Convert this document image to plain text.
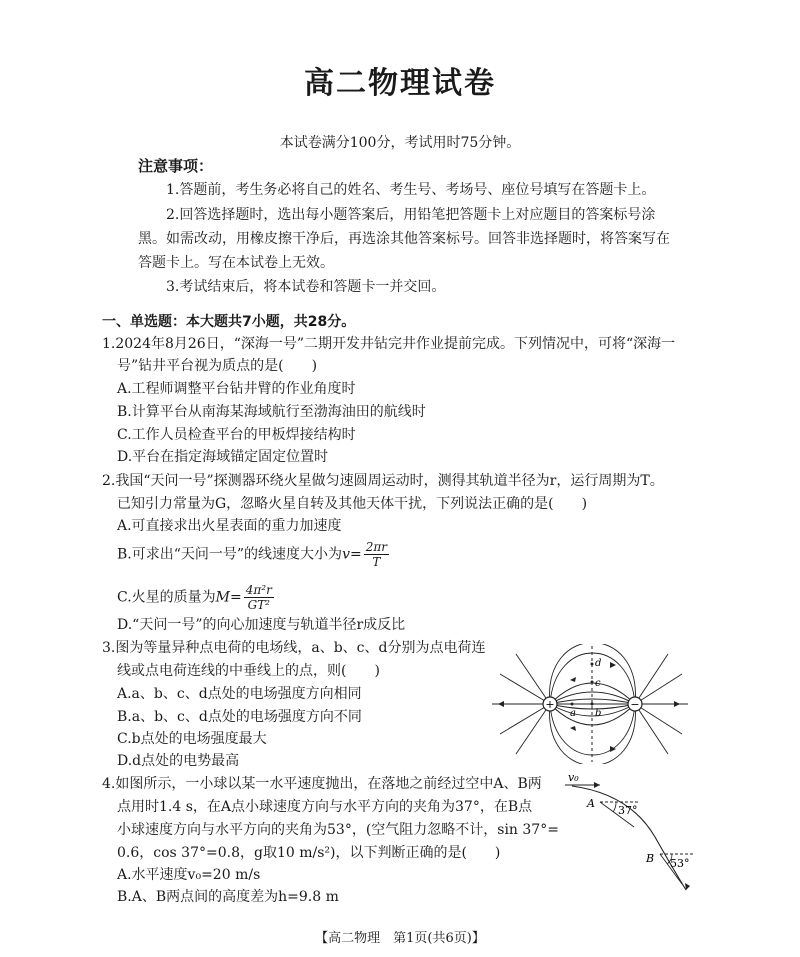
高二物理试卷
本试卷满分100分，考试用时75分钟。
注意事项：
1.答题前，考生务必将自己的姓名、考生号、考场号、座位号填写在答题卡上。
2.回答选择题时，选出每小题答案后，用铅笔把答题卡上对应题目的答案标号涂
黑。如需改动，用橡皮擦干净后，再选涂其他答案标号。回答非选择题时，将答案写在
答题卡上。写在本试卷上无效。
3.考试结束后，将本试卷和答题卡一并交回。
一、单选题：本大题共7小题，共28分。
1.2024年8月26日，“深海一号”二期开发井钻完井作业提前完成。下列情况中，可将“深海一
号”钻井平台视为质点的是(　　)
A.工程师调整平台钻井臂的作业角度时
B.计算平台从南海某海域航行至渤海油田的航线时
C.工作人员检查平台的甲板焊接结构时
D.平台在指定海域锚定固定位置时
2.我国“天问一号”探测器环绕火星做匀速圆周运动时，测得其轨道半径为r，运行周期为T。
已知引力常量为G，忽略火星自转及其他天体干扰，下列说法正确的是(　　)
A.可直接求出火星表面的重力加速度
B.可求出“天问一号”的线速度大小为$v= \frac{2\pi r}{T}$
C.火星的质量为$M= \frac{\text{4π²r}}{\text{GT²}}$
D.“天问一号”的向心加速度与轨道半径r成反比
3.图为等量异种点电荷的电场线，a、b、c、d分别为点电荷连
线或点电荷连线的中垂线上的点，则(　　)
A.a、b、c、d点处的电场强度方向相同
B.a、b、c、d点处的电场强度方向不同
C.b点处的电场强度最大
D.d点处的电势最高
+	−
a b
c
d
4.如图所示，一小球以某一水平速度抛出，在落地之前经过空中A、B两
点用时1.4 s，在A点小球速度方向与水平方向的夹角为37°，在B点
小球速度方向与水平方向的夹角为53°，(空气阻力忽略不计，sin 37°=
0.6，cos 37°=0.8，g取10 m/s²)，以下判断正确的是(　　)
A.水平速度v₀=20 m/s
B.A、B两点间的高度差为h=9.8 m
v₀
A
37°
B 53°
【高二物理　第1页(共6页)】
